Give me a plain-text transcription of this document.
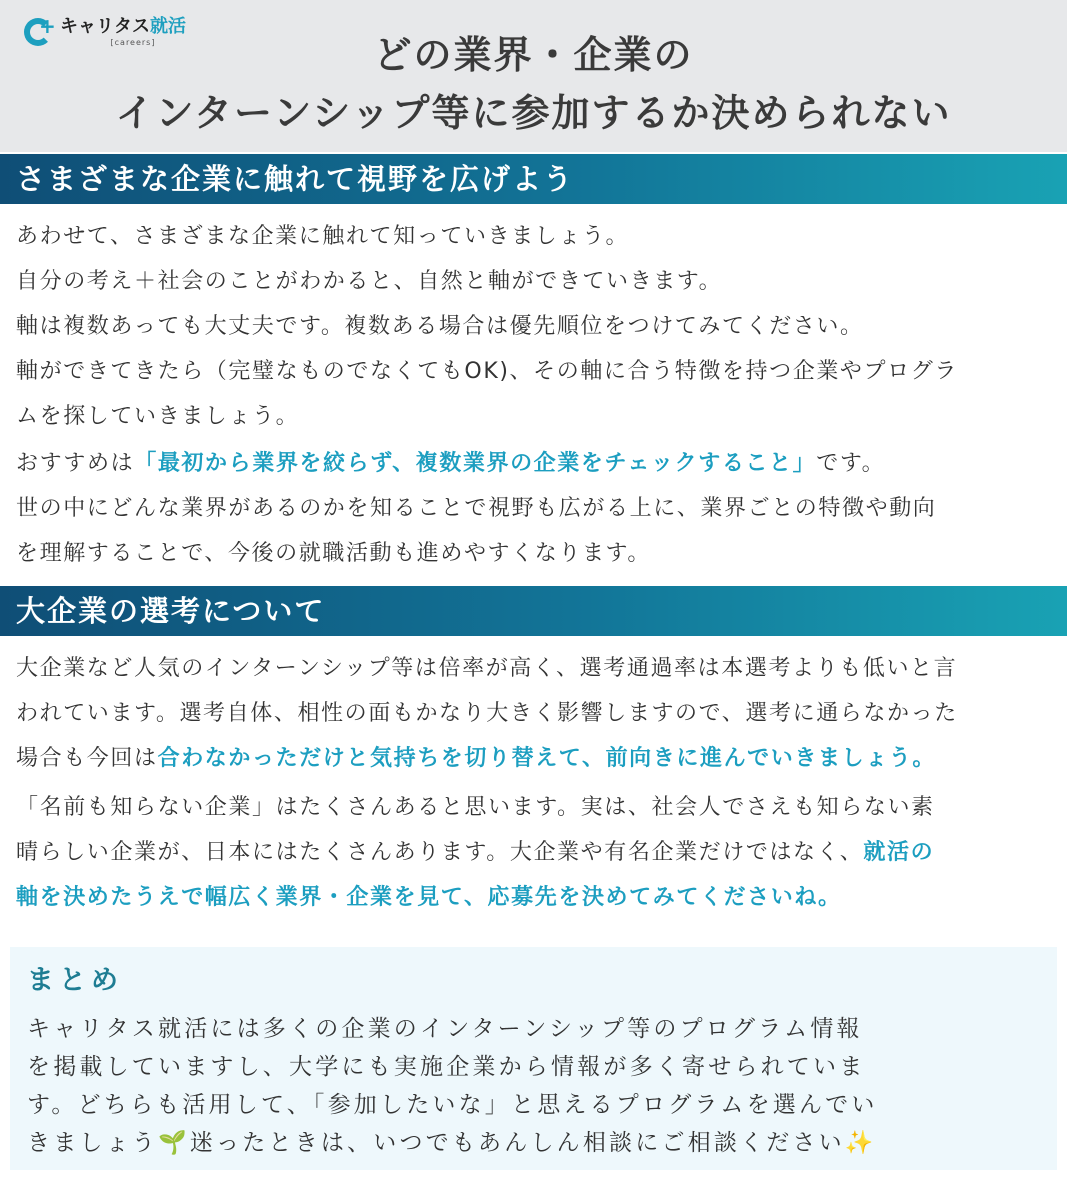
+ キャリタス就活
[careers]	どの業界・企業の
インターンシップ等に参加するか決められない
さまざまな企業に触れて視野を広げよう
あわせて、さまざまな企業に触れて知っていきましょう。
自分の考え＋社会のことがわかると、自然と軸ができていきます。
軸は複数あっても大丈夫です。複数ある場合は優先順位をつけてみてください。
軸ができてきたら（完璧なものでなくてもOK)、その軸に合う特徴を持つ企業やプログラ
ムを探していきましょう。
おすすめは「最初から業界を絞らず、複数業界の企業をチェックすること」です。
世の中にどんな業界があるのかを知ることで視野も広がる上に、業界ごとの特徴や動向
を理解することで、今後の就職活動も進めやすくなります。
大企業の選考について
大企業など人気のインターンシップ等は倍率が高く、選考通過率は本選考よりも低いと言
われています。選考自体、相性の面もかなり大きく影響しますので、選考に通らなかった
場合も今回は合わなかっただけと気持ちを切り替えて、前向きに進んでいきましょう。
「名前も知らない企業」はたくさんあると思います。実は、社会人でさえも知らない素
晴らしい企業が、日本にはたくさんあります。大企業や有名企業だけではなく、就活の
軸を決めたうえで幅広く業界・企業を見て、応募先を決めてみてくださいね。
まとめ
キャリタス就活には多くの企業のインターンシップ等のプログラム情報
を掲載していますし、大学にも実施企業から情報が多く寄せられていま
す。どちらも活用して、「参加したいな」と思えるプログラムを選んでい
きましょう🌱迷ったときは、いつでもあんしん相談にご相談ください✨
